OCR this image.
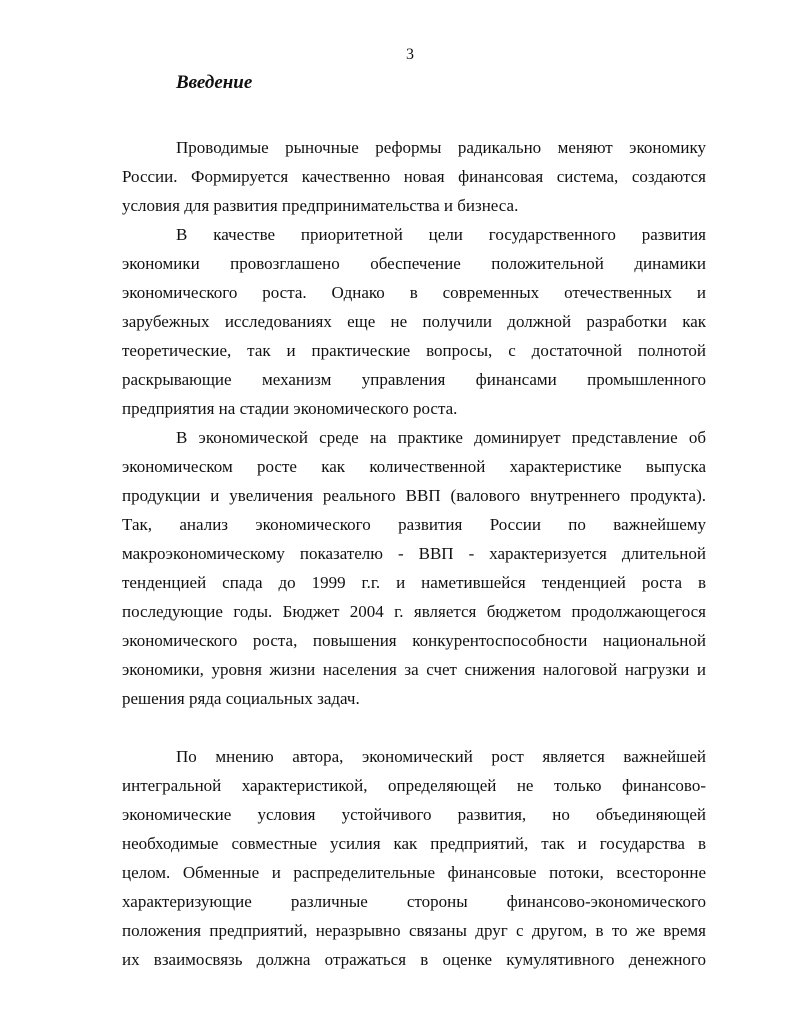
3
Введение
Проводимые рыночные реформы радикально меняют экономику
России. Формируется качественно новая финансовая система, создаются
условия для развития предпринимательства и бизнеса.
В качестве приоритетной цели государственного развития
экономики провозглашено обеспечение положительной динамики
экономического роста. Однако в современных отечественных и
зарубежных исследованиях еще не получили должной разработки как
теоретические, так и практические вопросы, с достаточной полнотой
раскрывающие механизм управления финансами промышленного
предприятия на стадии экономического роста.
В экономической среде на практике доминирует представление об
экономическом росте как количественной характеристике выпуска
продукции и увеличения реального ВВП (валового внутреннего продукта).
Так, анализ экономического развития России по важнейшему
макроэкономическому показателю - ВВП - характеризуется длительной
тенденцией спада до 1999 г.г. и наметившейся тенденцией роста в
последующие годы. Бюджет 2004 г. является бюджетом продолжающегося
экономического роста, повышения конкурентоспособности национальной
экономики, уровня жизни населения за счет снижения налоговой нагрузки и
решения ряда социальных задач.
По мнению автора, экономический рост является важнейшей
интегральной характеристикой, определяющей не только финансово-
экономические условия устойчивого развития, но объединяющей
необходимые совместные усилия как предприятий, так и государства в
целом. Обменные и распределительные финансовые потоки, всесторонне
характеризующие различные стороны финансово-экономического
положения предприятий, неразрывно связаны друг с другом, в то же время
их взаимосвязь должна отражаться в оценке кумулятивного денежного
